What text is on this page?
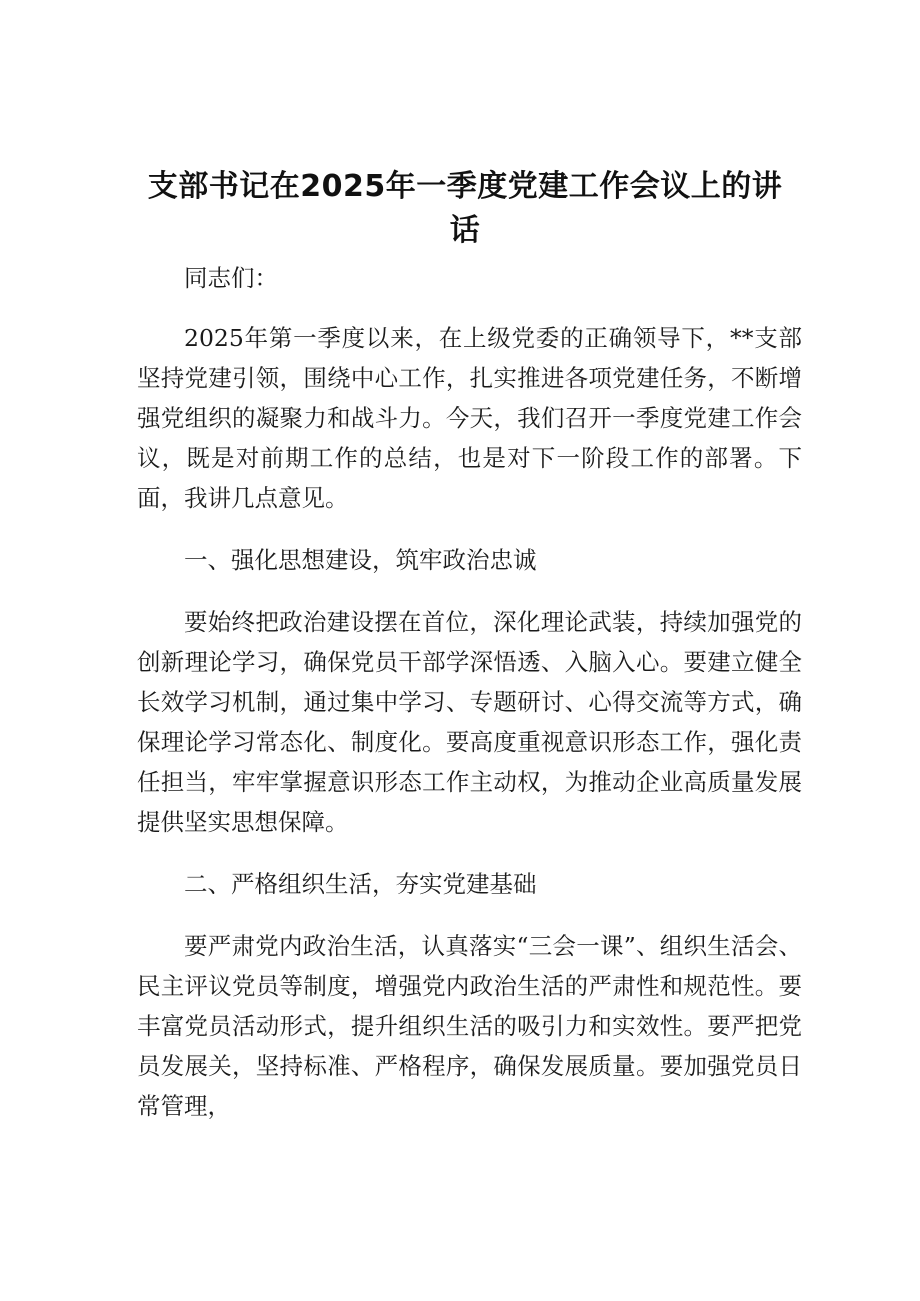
支部书记在2025年一季度党建工作会议上的讲话

同志们：

2025年第一季度以来，在上级党委的正确领导下，**支部坚持党建引领，围绕中心工作，扎实推进各项党建任务，不断增强党组织的凝聚力和战斗力。今天，我们召开一季度党建工作会议，既是对前期工作的总结，也是对下一阶段工作的部署。下面，我讲几点意见。

一、强化思想建设，筑牢政治忠诚

要始终把政治建设摆在首位，深化理论武装，持续加强党的创新理论学习，确保党员干部学深悟透、入脑入心。要建立健全长效学习机制，通过集中学习、专题研讨、心得交流等方式，确保理论学习常态化、制度化。要高度重视意识形态工作，强化责任担当，牢牢掌握意识形态工作主动权，为推动企业高质量发展提供坚实思想保障。

二、严格组织生活，夯实党建基础

要严肃党内政治生活，认真落实“三会一课”、组织生活会、民主评议党员等制度，增强党内政治生活的严肃性和规范性。要丰富党员活动形式，提升组织生活的吸引力和实效性。要严把党员发展关，坚持标准、严格程序，确保发展质量。要加强党员日常管理，
